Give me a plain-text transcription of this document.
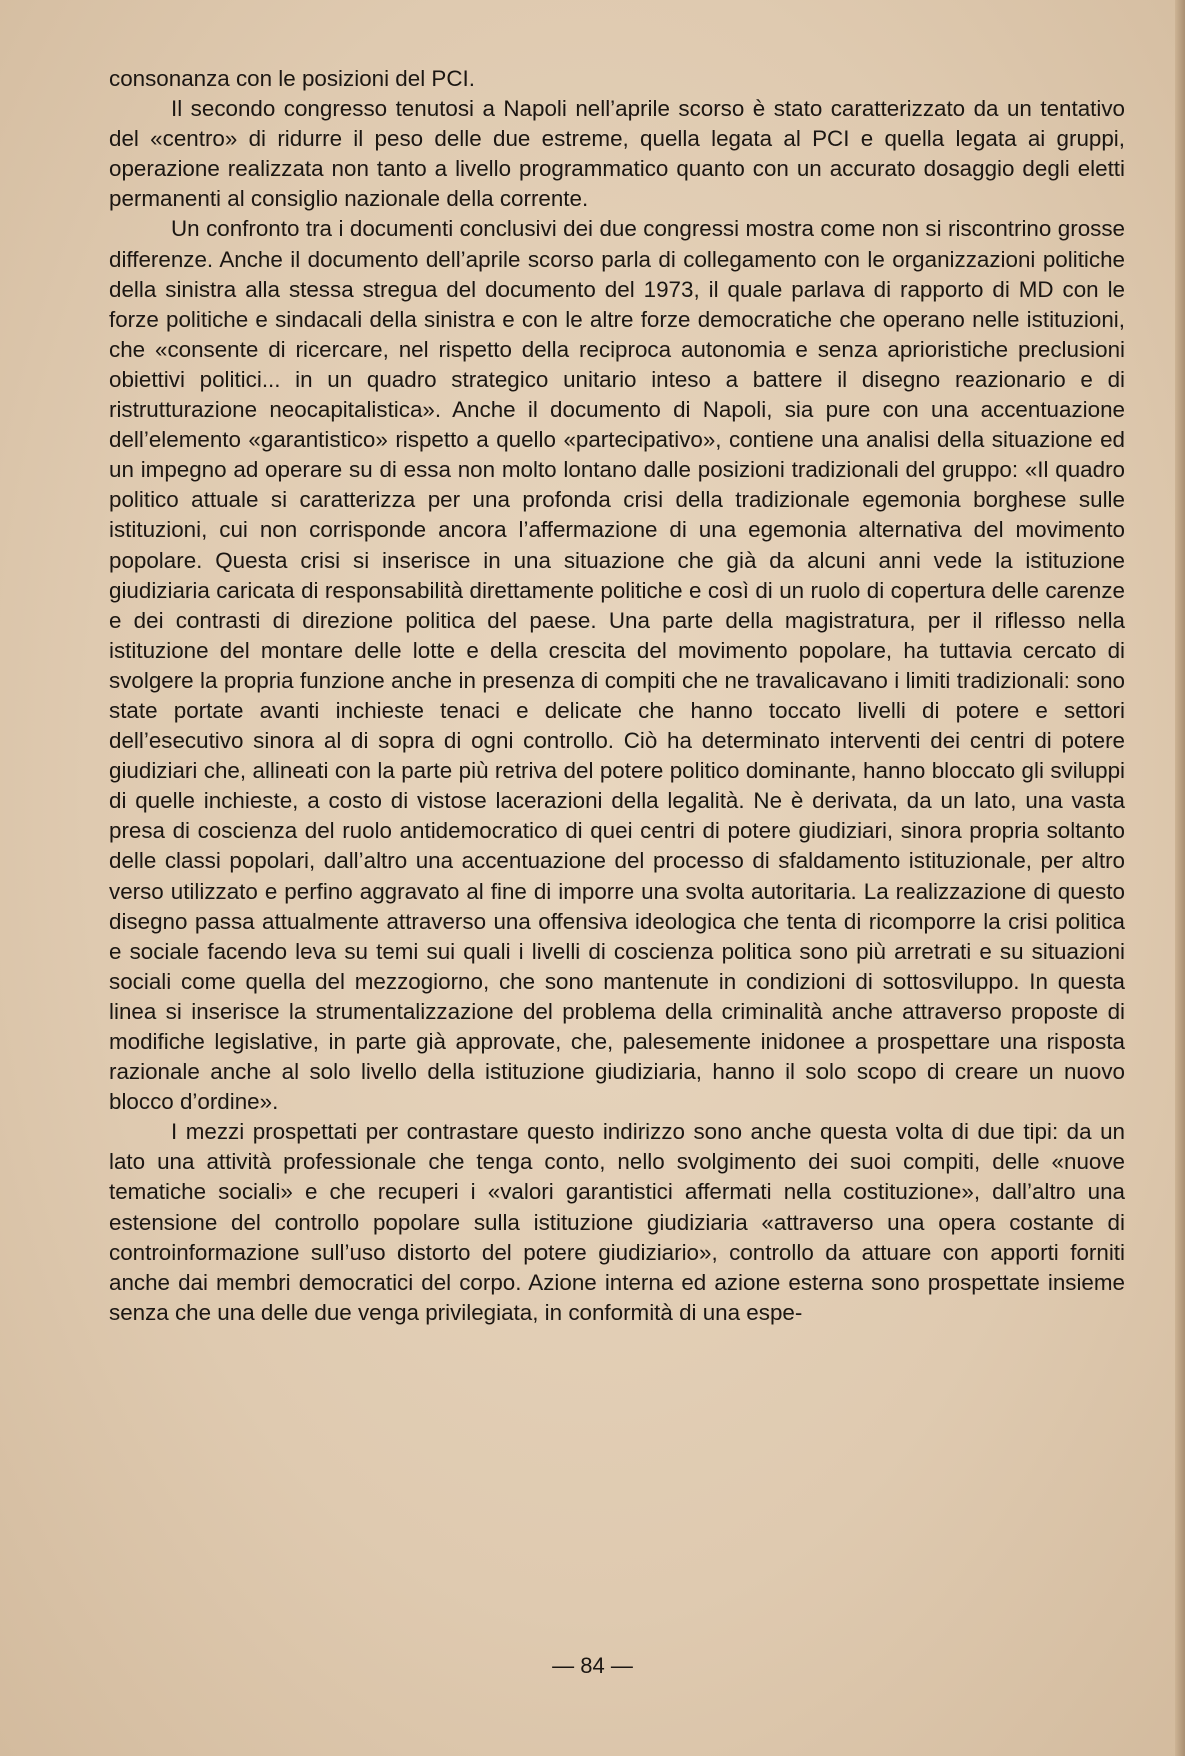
consonanza con le posizioni del PCI.

Il secondo congresso tenutosi a Napoli nell’aprile scorso è stato caratterizzato da un tentativo del «centro» di ridurre il peso delle due estreme, quella legata al PCI e quella legata ai gruppi, operazione realizzata non tanto a livello programmatico quanto con un accurato dosaggio degli eletti permanenti al consiglio nazionale della corrente.

Un confronto tra i documenti conclusivi dei due congressi mostra come non si riscontrino grosse differenze. Anche il documento dell’aprile scorso parla di collegamento con le organizzazioni politiche della sinistra alla stessa stregua del documento del 1973, il quale parlava di rapporto di MD con le forze politiche e sindacali della sinistra e con le altre forze democratiche che operano nelle istituzioni, che «consente di ricercare, nel rispetto della reciproca autonomia e senza aprioristiche preclusioni obiettivi politici... in un quadro strategico unitario inteso a battere il disegno reazionario e di ristrutturazione neocapitalistica». Anche il documento di Napoli, sia pure con una accentuazione dell’elemento «garantistico» rispetto a quello «partecipativo», contiene una analisi della situazione ed un impegno ad operare su di essa non molto lontano dalle posizioni tradizionali del gruppo: «Il quadro politico attuale si caratterizza per una profonda crisi della tradizionale egemonia borghese sulle istituzioni, cui non corrisponde ancora l’affermazione di una egemonia alternativa del movimento popolare. Questa crisi si inserisce in una situazione che già da alcuni anni vede la istituzione giudiziaria caricata di responsabilità direttamente politiche e così di un ruolo di copertura delle carenze e dei contrasti di direzione politica del paese. Una parte della magistratura, per il riflesso nella istituzione del montare delle lotte e della crescita del movimento popolare, ha tuttavia cercato di svolgere la propria funzione anche in presenza di compiti che ne travalicavano i limiti tradizionali: sono state portate avanti inchieste tenaci e delicate che hanno toccato livelli di potere e settori dell’esecutivo sinora al di sopra di ogni controllo. Ciò ha determinato interventi dei centri di potere giudiziari che, allineati con la parte più retriva del potere politico dominante, hanno bloccato gli sviluppi di quelle inchieste, a costo di vistose lacerazioni della legalità. Ne è derivata, da un lato, una vasta presa di coscienza del ruolo antidemocratico di quei centri di potere giudiziari, sinora propria soltanto delle classi popolari, dall’altro una accentuazione del processo di sfaldamento istituzionale, per altro verso utilizzato e perfino aggravato al fine di imporre una svolta autoritaria. La realizzazione di questo disegno passa attualmente attraverso una offensiva ideologica che tenta di ricomporre la crisi politica e sociale facendo leva su temi sui quali i livelli di coscienza politica sono più arretrati e su situazioni sociali come quella del mezzogiorno, che sono mantenute in condizioni di sottosviluppo. In questa linea si inserisce la strumentalizzazione del problema della criminalità anche attraverso proposte di modifiche legislative, in parte già approvate, che, palesemente inidonee a prospettare una risposta razionale anche al solo livello della istituzione giudiziaria, hanno il solo scopo di creare un nuovo blocco d’ordine».

I mezzi prospettati per contrastare questo indirizzo sono anche questa volta di due tipi: da un lato una attività professionale che tenga conto, nello svolgimento dei suoi compiti, delle «nuove tematiche sociali» e che recuperi i «valori garantistici affermati nella costituzione», dall’altro una estensione del controllo popolare sulla istituzione giudiziaria «attraverso una opera costante di controinformazione sull’uso distorto del potere giudiziario», controllo da attuare con apporti forniti anche dai membri democratici del corpo. Azione interna ed azione esterna sono prospettate insieme senza che una delle due venga privilegiata, in conformità di una espe-

— 84 —
